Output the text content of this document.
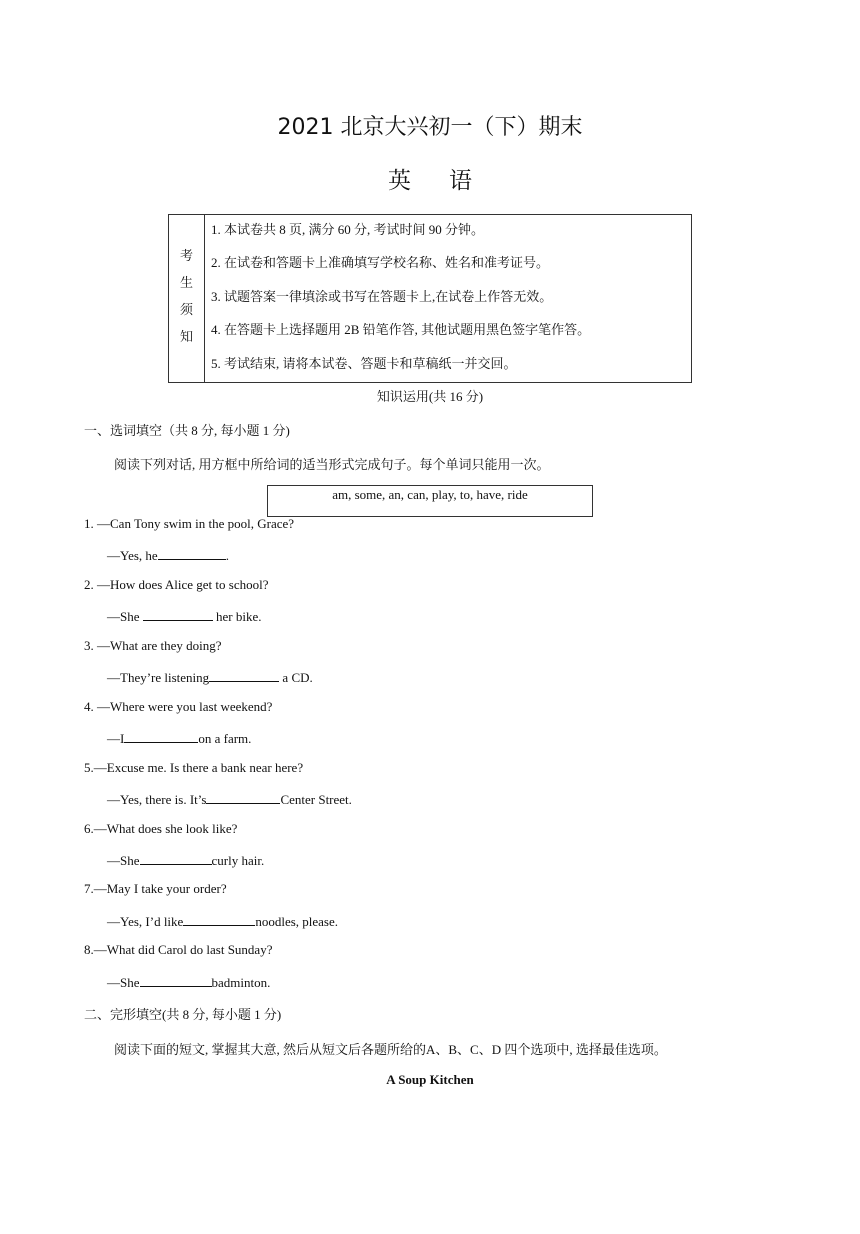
2021 北京大兴初一（下）期末
英语
考
生
须
知
1. 本试卷共 8 页, 满分 60 分, 考试时间 90 分钟。
2. 在试卷和答题卡上准确填写学校名称、姓名和准考证号。
3. 试题答案一律填涂或书写在答题卡上,在试卷上作答无效。
4. 在答题卡上选择题用 2B 铅笔作答, 其他试题用黑色签字笔作答。
5. 考试结束, 请将本试卷、答题卡和草稿纸一并交回。
知识运用(共 16 分)
一、选词填空（共 8 分, 每小题 1 分)
阅读下列对话, 用方框中所给词的适当形式完成句子。每个单词只能用一次。
am, some, an, can, play, to, have, ride
1. —Can Tony swim in the pool, Grace?
—Yes, he	.
2. —How does Alice get to school?
—She	her bike.
3. —What are they doing?
—They’re listening	a CD.
4. —Where were you last weekend?
—I	on a farm.
5.—Excuse me. Is there a bank near here?
—Yes, there is. It’s	Center Street.
6.—What does she look like?
—She	curly hair.
7.—May I take your order?
—Yes, I’d like	noodles, please.
8.—What did Carol do last Sunday?
—She	badminton.
二、完形填空(共 8 分, 每小题 1 分)
阅读下面的短文, 掌握其大意, 然后从短文后各题所给的A、B、C、D 四个选项中, 选择最佳选项。
A Soup Kitchen
